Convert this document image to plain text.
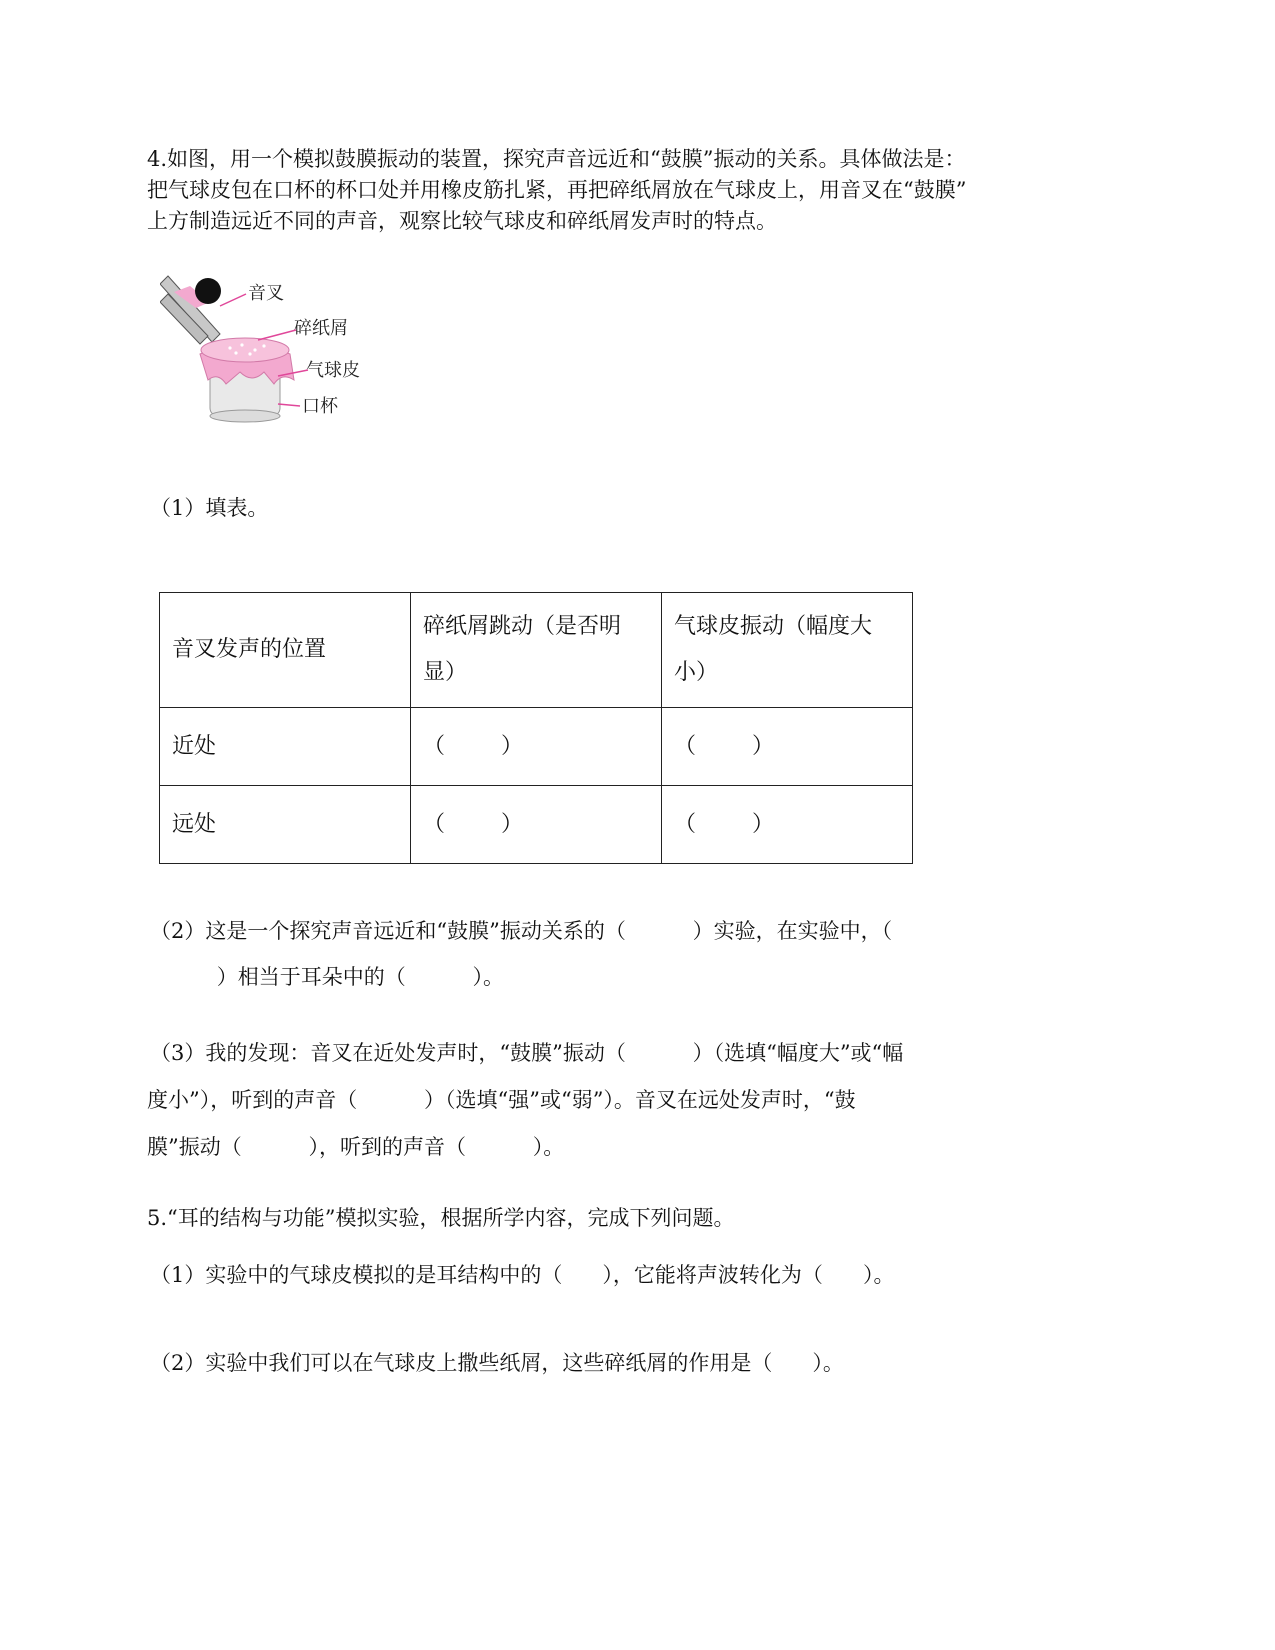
4.如图，用一个模拟鼓膜振动的装置，探究声音远近和“鼓膜”振动的关系。具体做法是：
把气球皮包在口杯的杯口处并用橡皮筋扎紧，再把碎纸屑放在气球皮上，用音叉在“鼓膜”
上方制造远近不同的声音，观察比较气球皮和碎纸屑发声时的特点。
音叉
碎纸屑
气球皮
口杯
（1）填表。
音叉发声的位置	碎纸屑跳动（是否明显）	气球皮振动（幅度大小）
近处	（        ）	（        ）
远处	（        ）	（        ）
（2）这是一个探究声音远近和“鼓膜”振动关系的（          ）实验，在实验中，（
）相当于耳朵中的（          ）。
（3）我的发现：音叉在近处发声时，“鼓膜”振动（          ）（选填“幅度大”或“幅
度小”），听到的声音（          ）（选填“强”或“弱”）。音叉在远处发声时，“鼓
膜”振动（          ），听到的声音（          ）。
5.“耳的结构与功能”模拟实验，根据所学内容，完成下列问题。
（1）实验中的气球皮模拟的是耳结构中的（      ），它能将声波转化为（      ）。
（2）实验中我们可以在气球皮上撒些纸屑，这些碎纸屑的作用是（      ）。
